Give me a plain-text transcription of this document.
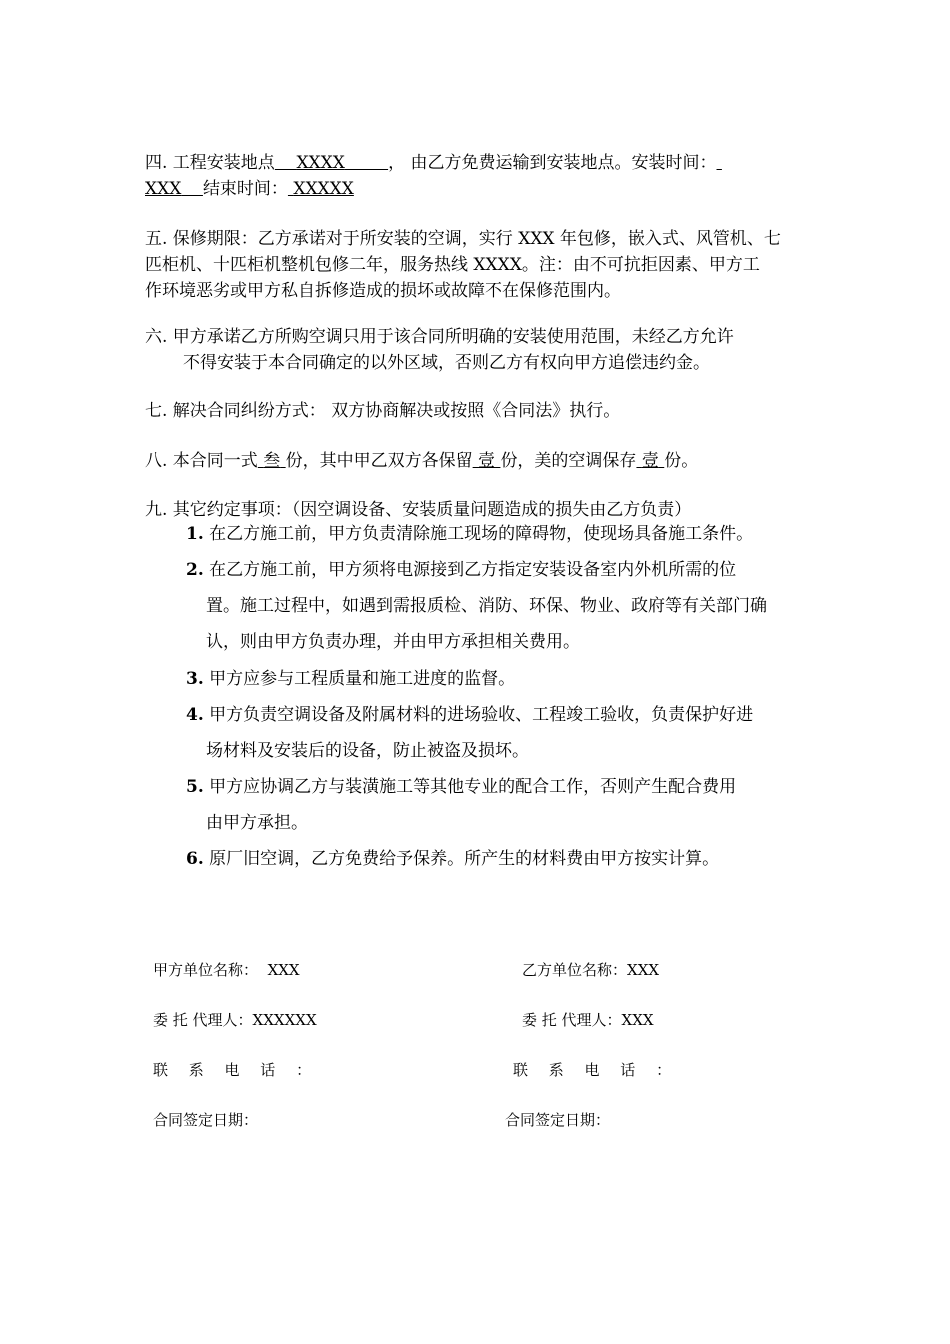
四. 工程安装地点 XXXX	， 由乙方免费运输到安装地点。安装时间：
XXX 结束时间： XXXXX
五. 保修期限：乙方承诺对于所安装的空调，实行 XXX 年包修，嵌入式、风管机、七
匹柜机、十匹柜机整机包修二年，服务热线 XXXX。注：由不可抗拒因素、甲方工
作环境恶劣或甲方私自拆修造成的损坏或故障不在保修范围内。
五
六. 甲方承诺乙方所购空调只用于该合同所明确的安装使用范围，未经乙方允许
不得安装于本合同确定的以外区域，否则乙方有权向甲方追偿违约金。
七. 解决合同纠纷方式： 双方协商解决或按照《合同法》执行。
八. 本合同一式 叁 份，其中甲乙双方各保留 壹 份，美的空调保存 壹 份。
九. 其它约定事项：（因空调设备、安装质量问题造成的损失由乙方负责）
1. 在乙方施工前，甲方负责清除施工现场的障碍物，使现场具备施工条件。
2. 在乙方施工前，甲方须将电源接到乙方指定安装设备室内外机所需的位
置。施工过程中，如遇到需报质检、消防、环保、物业、政府等有关部门确
认，则由甲方负责办理，并由甲方承担相关费用。
3. 甲方应参与工程质量和施工进度的监督。
4. 甲方负责空调设备及附属材料的进场验收、工程竣工验收，负责保护好进
场材料及安装后的设备，防止被盗及损坏。
5. 甲方应协调乙方与装潢施工等其他专业的配合工作，否则产生配合费用
由甲方承担。
6. 原厂旧空调，乙方免费给予保养。所产生的材料费由甲方按实计算。
甲方单位名称： XXX
委 托 代理人：XXXXXX
联 系 电 话 ：
合同签定日期：
乙方单位名称：XXX
委 托 代理人：XXX
联 系 电 话 ：
合同签定日期：
